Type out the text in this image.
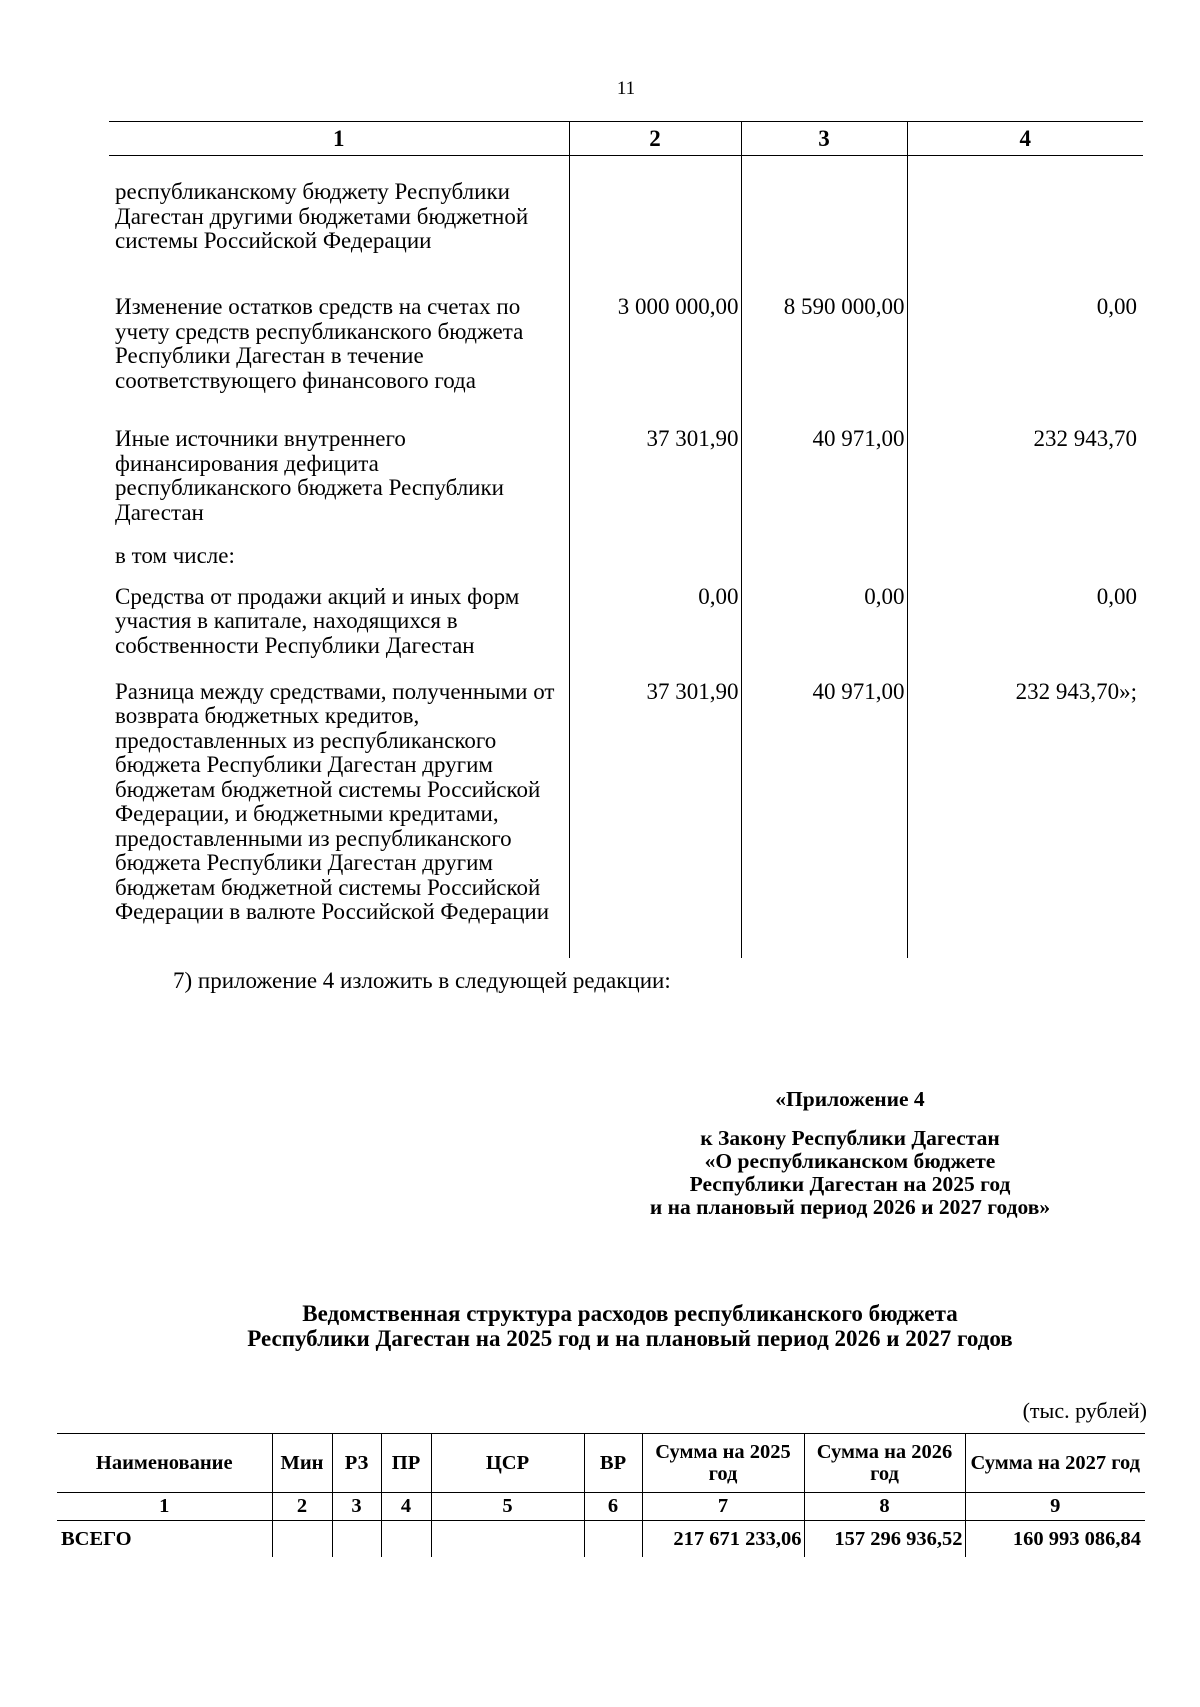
11
1	2	3	4
республиканскому бюджету Республики Дагестан другими бюджетами бюджетной системы Российской Федерации			
Изменение остатков средств на счетах по учету средств республиканского бюджета Республики Дагестан в течение соответствующего финансового года	3 000 000,00	8 590 000,00	0,00
Иные источники внутреннего финансирования дефицита республиканского бюджета Республики Дагестан	37 301,90	40 971,00	232 943,70
в том числе:			
Средства от продажи акций и иных форм участия в капитале, находящихся в собственности Республики Дагестан	0,00	0,00	0,00
Разница между средствами, полученными от возврата бюджетных кредитов, предоставленных из республиканского бюджета Республики Дагестан другим бюджетам бюджетной системы Российской Федерации, и бюджетными кредитами, предоставленными из республиканского бюджета Республики Дагестан другим бюджетам бюджетной системы Российской Федерации в валюте Российской Федерации	37 301,90	40 971,00	232 943,70»;
7) приложение 4 изложить в следующей редакции:
«Приложение 4
к Закону Республики Дагестан
«О республиканском бюджете
Республики Дагестан на 2025 год
и на плановый период 2026 и 2027 годов»
Ведомственная структура расходов республиканского бюджета
Республики Дагестан на 2025 год и на плановый период 2026 и 2027 годов
(тыс. рублей)
Наименование	Мин	РЗ	ПР	ЦСР	ВР	Сумма на 2025 год	Сумма на 2026 год	Сумма на 2027 год
1	2	3	4	5	6	7	8	9
ВСЕГО						217 671 233,06	157 296 936,52	160 993 086,84
